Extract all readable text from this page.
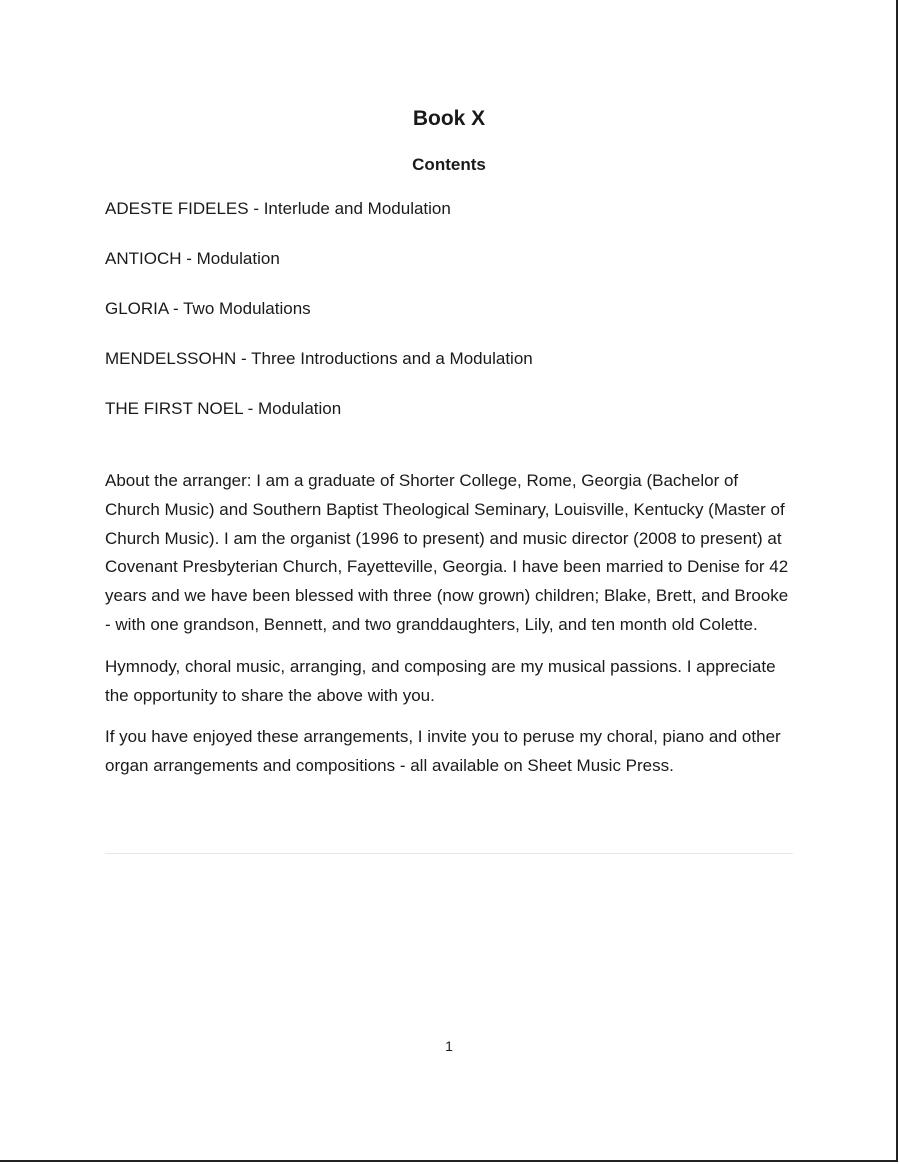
Book X
Contents
ADESTE FIDELES - Interlude and Modulation
ANTIOCH - Modulation
GLORIA - Two Modulations
MENDELSSOHN - Three Introductions and a Modulation
THE FIRST NOEL - Modulation

About the arranger: I am a graduate of Shorter College, Rome, Georgia (Bachelor of Church Music) and Southern Baptist Theological Seminary, Louisville, Kentucky (Master of Church Music). I am the organist (1996 to present) and music director (2008 to present) at Covenant Presbyterian Church, Fayetteville, Georgia. I have been married to Denise for 42 years and we have been blessed with three (now grown) children; Blake, Brett, and Brooke - with one grandson, Bennett, and two granddaughters, Lily, and ten month old Colette.

Hymnody, choral music, arranging, and composing are my musical passions. I appreciate the opportunity to share the above with you.

If you have enjoyed these arrangements, I invite you to peruse my choral, piano and other organ arrangements and compositions - all available on Sheet Music Press.

1
